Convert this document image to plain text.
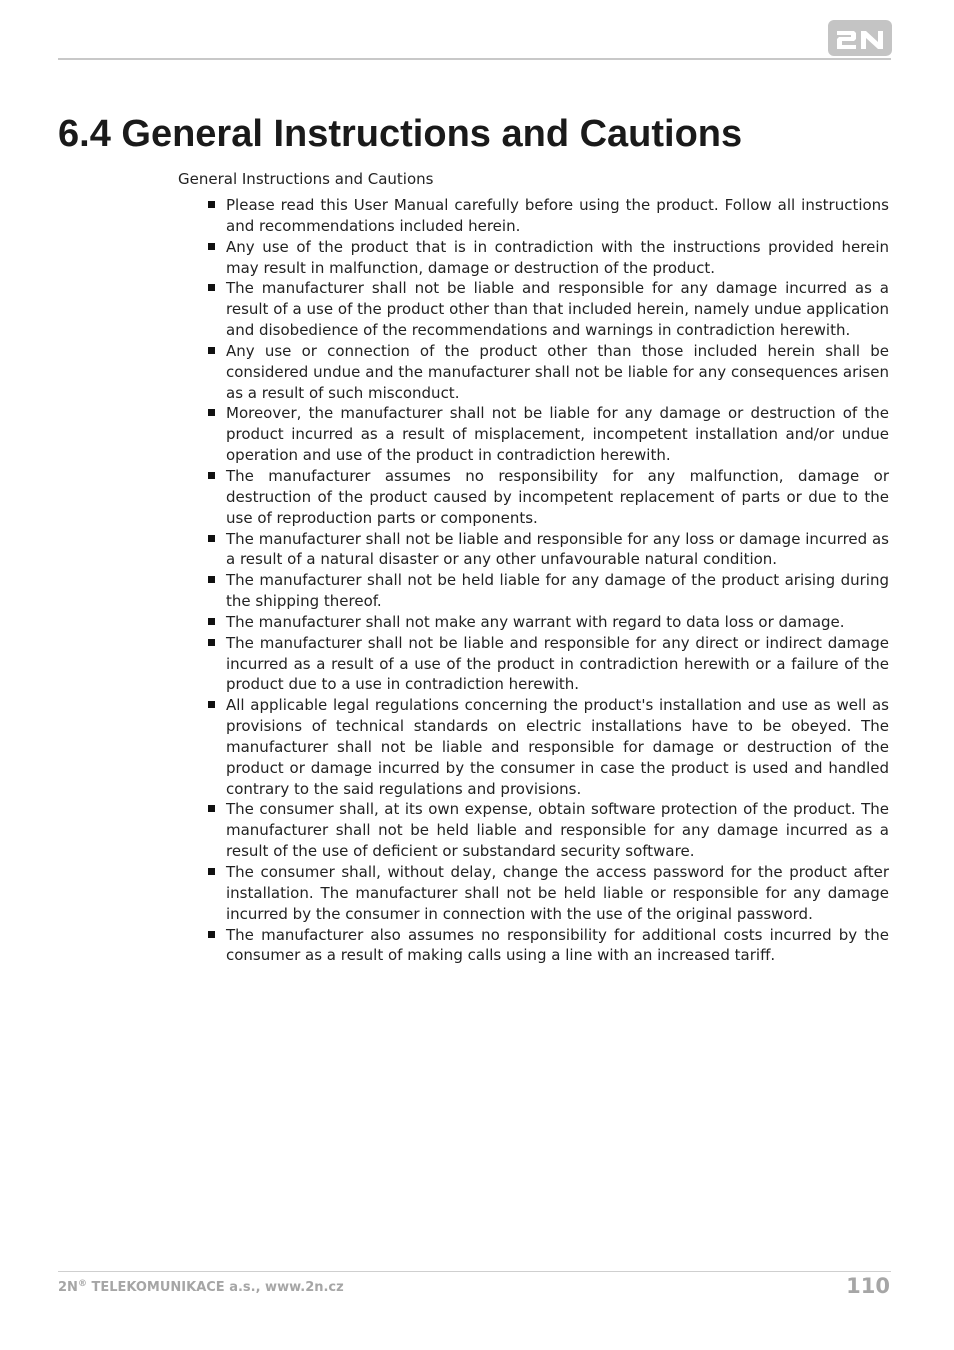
6.4 General Instructions and Cautions
General Instructions and Cautions
Please read this User Manual carefully before using the product. Follow all instructions and recommendations included herein.
Any use of the product that is in contradiction with the instructions provided herein may result in malfunction, damage or destruction of the product.
The manufacturer shall not be liable and responsible for any damage incurred as a result of a use of the product other than that included herein, namely undue application and disobedience of the recommendations and warnings in contradiction herewith.
Any use or connection of the product other than those included herein shall be considered undue and the manufacturer shall not be liable for any consequences arisen as a result of such misconduct.
Moreover, the manufacturer shall not be liable for any damage or destruction of the product incurred as a result of misplacement, incompetent installation and/or undue operation and use of the product in contradiction herewith.
The manufacturer assumes no responsibility for any malfunction, damage or destruction of the product caused by incompetent replacement of parts or due to the use of reproduction parts or components.
The manufacturer shall not be liable and responsible for any loss or damage incurred as a result of a natural disaster or any other unfavourable natural condition.
The manufacturer shall not be held liable for any damage of the product arising during the shipping thereof.
The manufacturer shall not make any warrant with regard to data loss or damage.
The manufacturer shall not be liable and responsible for any direct or indirect damage incurred as a result of a use of the product in contradiction herewith or a failure of the product due to a use in contradiction herewith.
All applicable legal regulations concerning the product's installation and use as well as provisions of technical standards on electric installations have to be obeyed. The manufacturer shall not be liable and responsible for damage or destruction of the product or damage incurred by the consumer in case the product is used and handled contrary to the said regulations and provisions.
The consumer shall, at its own expense, obtain software protection of the product. The manufacturer shall not be held liable and responsible for any damage incurred as a result of the use of deficient or substandard security software.
The consumer shall, without delay, change the access password for the product after installation. The manufacturer shall not be held liable or responsible for any damage incurred by the consumer in connection with the use of the original password.
The manufacturer also assumes no responsibility for additional costs incurred by the consumer as a result of making calls using a line with an increased tariff.
2N® TELEKOMUNIKACE a.s., www.2n.cz	110
